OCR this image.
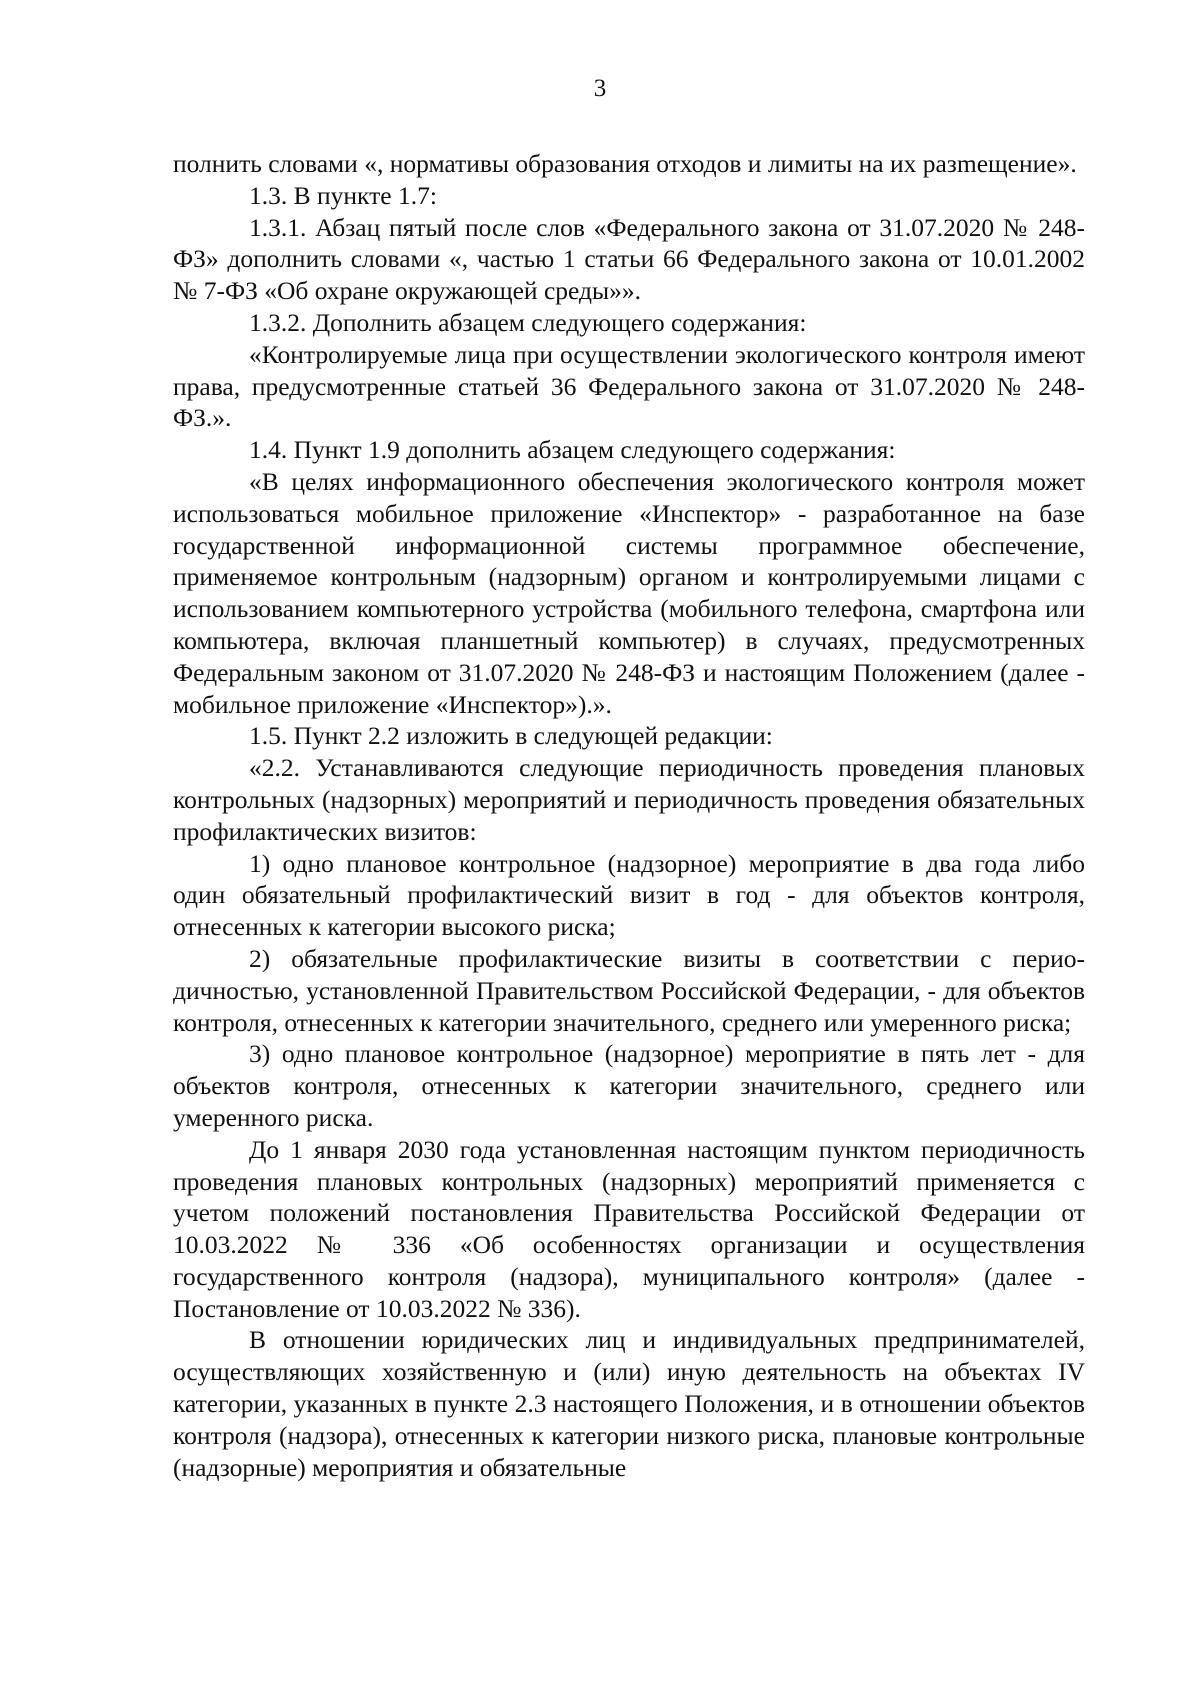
3

полнить словами «, нормативы образования отходов и лимиты на их разmещение».

1.3. В пункте 1.7:

1.3.1. Абзац пятый после слов «Федерального закона от 31.07.2020 № 248-ФЗ» дополнить словами «, частью 1 статьи 66 Федерального закона от 10.01.2002 № 7-ФЗ «Об охране окружающей среды»».

1.3.2. Дополнить абзацем следующего содержания:

«Контролируемые лица при осуществлении экологического контроля имеют права, предусмотренные статьей 36 Федерального закона от 31.07.2020 № 248-ФЗ.».

1.4. Пункт 1.9 дополнить абзацем следующего содержания:

«В целях информационного обеспечения экологического контроля может использоваться мобильное приложение «Инспектор» - разработанное на базе государственной информационной системы программное обеспечение, применяемое контрольным (надзорным) органом и контролируемыми лицами с использованием компьютерного устройства (мобильного телефона, смартфона или компьютера, включая планшетный компьютер) в случаях, предусмотренных Федеральным законом от 31.07.2020 № 248-ФЗ и настоящим Положением (далее - мобильное приложение «Инспектор»).».

1.5. Пункт 2.2 изложить в следующей редакции:

«2.2. Устанавливаются следующие периодичность проведения плановых контрольных (надзорных) мероприятий и периодичность проведения обязательных профилактических визитов:

1) одно плановое контрольное (надзорное) мероприятие в два года либо один обязательный профилактический визит в год - для объектов контроля, отнесенных к категории высокого риска;

2) обязательные профилактические визиты в соответствии с периодичностью, установленной Правительством Российской Федерации, - для объектов контроля, отнесенных к категории значительного, среднего или умеренного риска;

3) одно плановое контрольное (надзорное) мероприятие в пять лет - для объектов контроля, отнесенных к категории значительного, среднего или умеренного риска.

До 1 января 2030 года установленная настоящим пунктом периодичность проведения плановых контрольных (надзорных) мероприятий применяется с учетом положений постановления Правительства Российской Федерации от 10.03.2022 № 336 «Об особенностях организации и осуществления государственного контроля (надзора), муниципального контроля» (далее - Постановление от 10.03.2022 № 336).

В отношении юридических лиц и индивидуальных предпринимателей, осуществляющих хозяйственную и (или) иную деятельность на объектах IV категории, указанных в пункте 2.3 настоящего Положения, и в отношении объектов контроля (надзора), отнесенных к категории низкого риска, плановые контрольные (надзорные) мероприятия и обязательные
